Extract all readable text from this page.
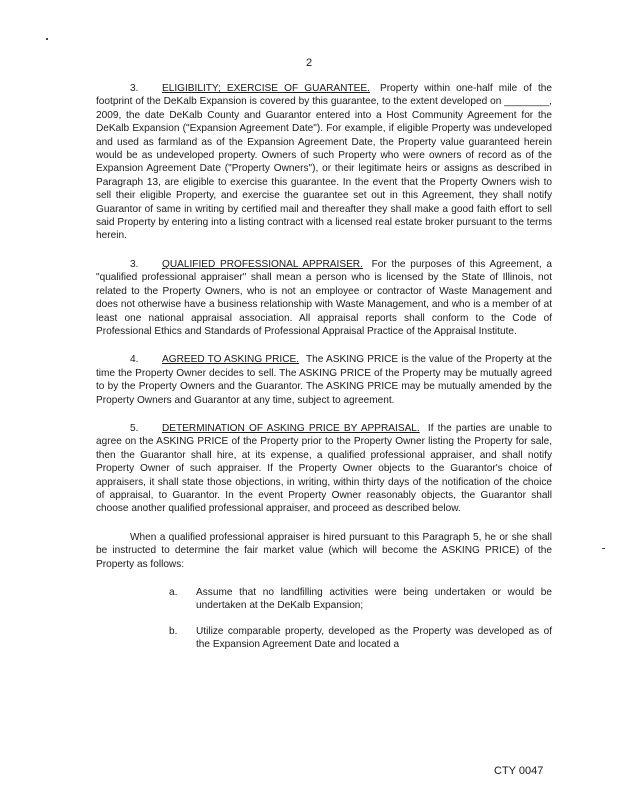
2

3. ELIGIBILITY; EXERCISE OF GUARANTEE. Property within one-half mile of the footprint of the DeKalb Expansion is covered by this guarantee, to the extent developed on ________, 2009, the date DeKalb County and Guarantor entered into a Host Community Agreement for the DeKalb Expansion ("Expansion Agreement Date"). For example, if eligible Property was undeveloped and used as farmland as of the Expansion Agreement Date, the Property value guaranteed herein would be as undeveloped property. Owners of such Property who were owners of record as of the Expansion Agreement Date ("Property Owners"), or their legitimate heirs or assigns as described in Paragraph 13, are eligible to exercise this guarantee. In the event that the Property Owners wish to sell their eligible Property, and exercise the guarantee set out in this Agreement, they shall notify Guarantor of same in writing by certified mail and thereafter they shall make a good faith effort to sell said Property by entering into a listing contract with a licensed real estate broker pursuant to the terms herein.

3. QUALIFIED PROFESSIONAL APPRAISER. For the purposes of this Agreement, a "qualified professional appraiser" shall mean a person who is licensed by the State of Illinois, not related to the Property Owners, who is not an employee or contractor of Waste Management and does not otherwise have a business relationship with Waste Management, and who is a member of at least one national appraisal association. All appraisal reports shall conform to the Code of Professional Ethics and Standards of Professional Appraisal Practice of the Appraisal Institute.

4. AGREED TO ASKING PRICE. The ASKING PRICE is the value of the Property at the time the Property Owner decides to sell. The ASKING PRICE of the Property may be mutually agreed to by the Property Owners and the Guarantor. The ASKING PRICE may be mutually amended by the Property Owners and Guarantor at any time, subject to agreement.

5. DETERMINATION OF ASKING PRICE BY APPRAISAL. If the parties are unable to agree on the ASKING PRICE of the Property prior to the Property Owner listing the Property for sale, then the Guarantor shall hire, at its expense, a qualified professional appraiser, and shall notify Property Owner of such appraiser. If the Property Owner objects to the Guarantor's choice of appraisers, it shall state those objections, in writing, within thirty days of the notification of the choice of appraisal, to Guarantor. In the event Property Owner reasonably objects, the Guarantor shall choose another qualified professional appraiser, and proceed as described below.

When a qualified professional appraiser is hired pursuant to this Paragraph 5, he or she shall be instructed to determine the fair market value (which will become the ASKING PRICE) of the Property as follows:

a.	Assume that no landfilling activities were being undertaken or would be undertaken at the DeKalb Expansion;
b.	Utilize comparable property, developed as the Property was developed as of the Expansion Agreement Date and located a
CTY 0047
